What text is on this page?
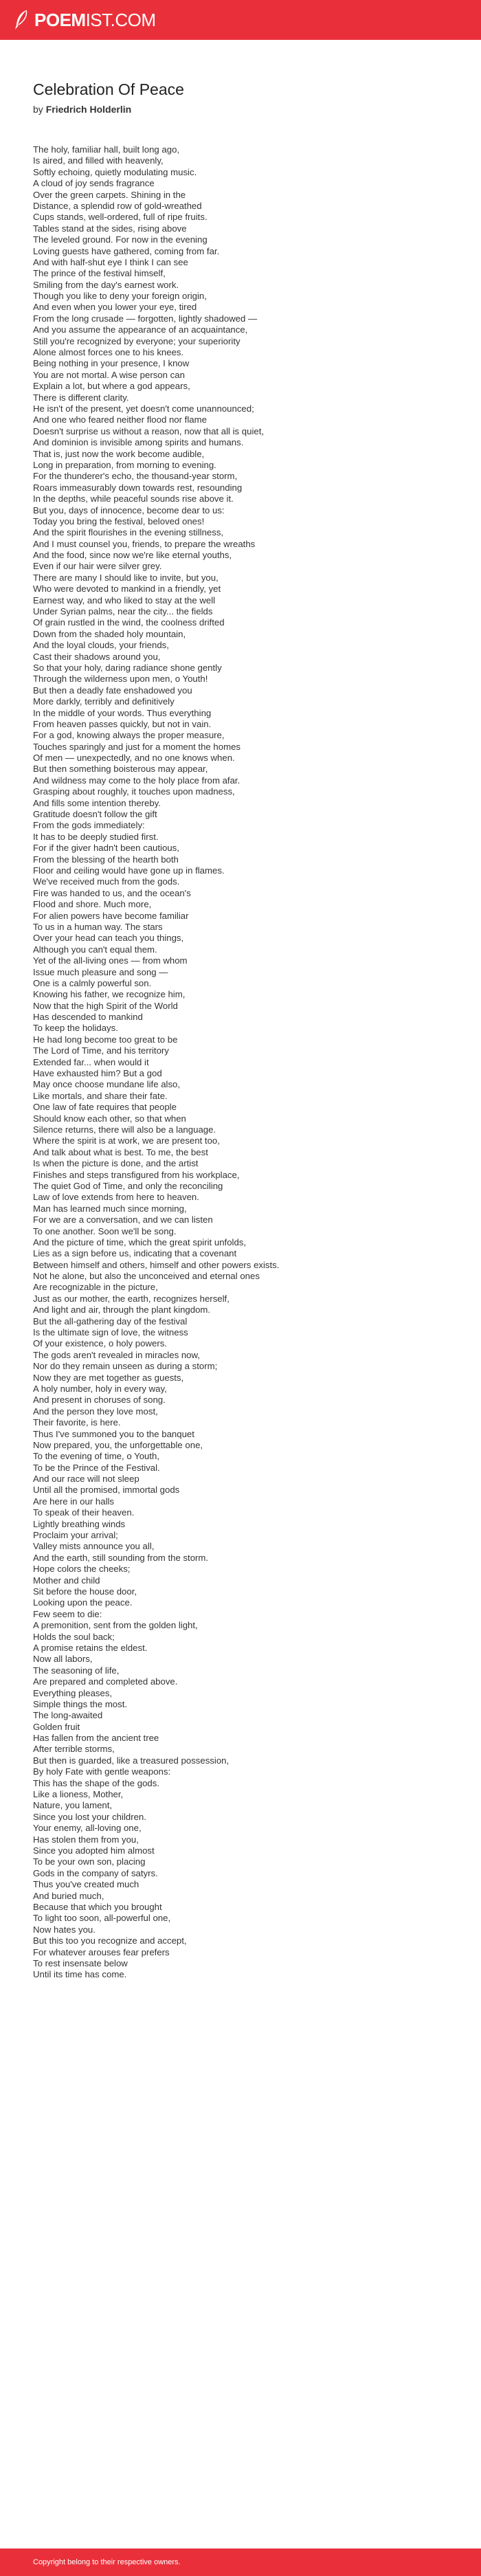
POEM IST.COM
Celebration Of Peace
by Friedrich Holderlin
The holy, familiar hall, built long ago,
Is aired, and filled with heavenly,
Softly echoing, quietly modulating music.
A cloud of joy sends fragrance
Over the green carpets. Shining in the
Distance, a splendid row of gold-wreathed
Cups stands, well-ordered, full of ripe fruits.
Tables stand at the sides, rising above
The leveled ground. For now in the evening
Loving guests have gathered, coming from far.
And with half-shut eye I think I can see
The prince of the festival himself,
Smiling from the day's earnest work.
Though you like to deny your foreign origin,
And even when you lower your eye, tired
From the long crusade — forgotten, lightly shadowed —
And you assume the appearance of an acquaintance,
Still you're recognized by everyone; your superiority
Alone almost forces one to his knees.
Being nothing in your presence, I know
You are not mortal. A wise person can
Explain a lot, but where a god appears,
There is different clarity.
He isn't of the present, yet doesn't come unannounced;
And one who feared neither flood nor flame
Doesn't surprise us without a reason, now that all is quiet,
And dominion is invisible among spirits and humans.
That is, just now the work become audible,
Long in preparation, from morning to evening.
For the thunderer's echo, the thousand-year storm,
Roars immeasurably down towards rest, resounding
In the depths, while peaceful sounds rise above it.
But you, days of innocence, become dear to us:
Today you bring the festival, beloved ones!
And the spirit flourishes in the evening stillness,
And I must counsel you, friends, to prepare the wreaths
And the food, since now we're like eternal youths,
Even if our hair were silver grey.
There are many I should like to invite, but you,
Who were devoted to mankind in a friendly, yet
Earnest way, and who liked to stay at the well
Under Syrian palms, near the city... the fields
Of grain rustled in the wind, the coolness drifted
Down from the shaded holy mountain,
And the loyal clouds, your friends,
Cast their shadows around you,
So that your holy, daring radiance shone gently
Through the wilderness upon men, o Youth!
But then a deadly fate enshadowed you
More darkly, terribly and definitively
In the middle of your words. Thus everything
From heaven passes quickly, but not in vain.
For a god, knowing always the proper measure,
Touches sparingly and just for a moment the homes
Of men — unexpectedly, and no one knows when.
But then something boisterous may appear,
And wildness may come to the holy place from afar.
Grasping about roughly, it touches upon madness,
And fills some intention thereby.
Gratitude doesn't follow the gift
From the gods immediately:
It has to be deeply studied first.
For if the giver hadn't been cautious,
From the blessing of the hearth both
Floor and ceiling would have gone up in flames.
We've received much from the gods.
Fire was handed to us, and the ocean's
Flood and shore. Much more,
For alien powers have become familiar
To us in a human way. The stars
Over your head can teach you things,
Although you can't equal them.
Yet of the all-living ones — from whom
Issue much pleasure and song —
One is a calmly powerful son.
Knowing his father, we recognize him,
Now that the high Spirit of the World
Has descended to mankind
To keep the holidays.
He had long become too great to be
The Lord of Time, and his territory
Extended far... when would it
Have exhausted him? But a god
May once choose mundane life also,
Like mortals, and share their fate.
One law of fate requires that people
Should know each other, so that when
Silence returns, there will also be a language.
Where the spirit is at work, we are present too,
And talk about what is best. To me, the best
Is when the picture is done, and the artist
Finishes and steps transfigured from his workplace,
The quiet God of Time, and only the reconciling
Law of love extends from here to heaven.
Man has learned much since morning,
For we are a conversation, and we can listen
To one another. Soon we'll be song.
And the picture of time, which the great spirit unfolds,
Lies as a sign before us, indicating that a covenant
Between himself and others, himself and other powers exists.
Not he alone, but also the unconceived and eternal ones
Are recognizable in the picture,
Just as our mother, the earth, recognizes herself,
And light and air, through the plant kingdom.
But the all-gathering day of the festival
Is the ultimate sign of love, the witness
Of your existence, o holy powers.
The gods aren't revealed in miracles now,
Nor do they remain unseen as during a storm;
Now they are met together as guests,
A holy number, holy in every way,
And present in choruses of song.
And the person they love most,
Their favorite, is here.
Thus I've summoned you to the banquet
Now prepared, you, the unforgettable one,
To the evening of time, o Youth,
To be the Prince of the Festival.
And our race will not sleep
Until all the promised, immortal gods
Are here in our halls
To speak of their heaven.
Lightly breathing winds
Proclaim your arrival;
Valley mists announce you all,
And the earth, still sounding from the storm.
Hope colors the cheeks;
Mother and child
Sit before the house door,
Looking upon the peace.
Few seem to die:
A premonition, sent from the golden light,
Holds the soul back;
A promise retains the eldest.
Now all labors,
The seasoning of life,
Are prepared and completed above.
Everything pleases,
Simple things the most.
The long-awaited
Golden fruit
Has fallen from the ancient tree
After terrible storms,
But then is guarded, like a treasured possession,
By holy Fate with gentle weapons:
This has the shape of the gods.
Like a lioness, Mother,
Nature, you lament,
Since you lost your children.
Your enemy, all-loving one,
Has stolen them from you,
Since you adopted him almost
To be your own son, placing
Gods in the company of satyrs.
Thus you've created much
And buried much,
Because that which you brought
To light too soon, all-powerful one,
Now hates you.
But this too you recognize and accept,
For whatever arouses fear prefers
To rest insensate below
Until its time has come.
Copyright belong to their respective owners.
